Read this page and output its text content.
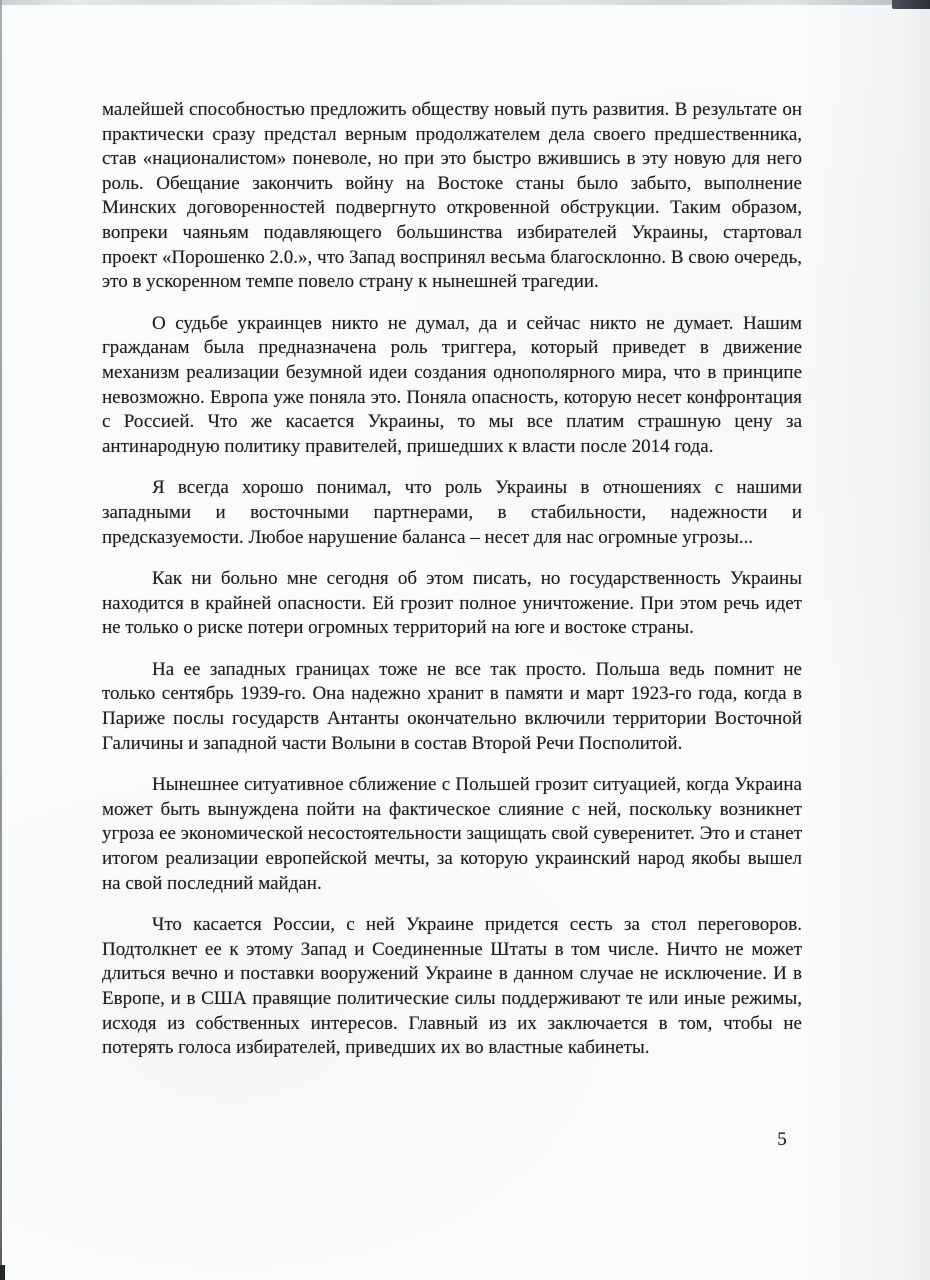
малейшей способностью предложить обществу новый путь развития. В результате он практически сразу предстал верным продолжателем дела своего предшественника, став «националистом» поневоле, но при это быстро вжившись в эту новую для него роль. Обещание закончить войну на Востоке станы было забыто, выполнение Минских договоренностей подвергнуто откровенной обструкции. Таким образом, вопреки чаяньям подавляющего большинства избирателей Украины, стартовал проект «Порошенко 2.0.», что Запад воспринял весьма благосклонно. В свою очередь, это в ускоренном темпе повело страну к нынешней трагедии.

О судьбе украинцев никто не думал, да и сейчас никто не думает. Нашим гражданам была предназначена роль триггера, который приведет в движение механизм реализации безумной идеи создания однополярного мира, что в принципе невозможно. Европа уже поняла это. Поняла опасность, которую несет конфронтация с Россией. Что же касается Украины, то мы все платим страшную цену за антинародную политику правителей, пришедших к власти после 2014 года.

Я всегда хорошо понимал, что роль Украины в отношениях с нашими западными и восточными партнерами, в стабильности, надежности и предсказуемости. Любое нарушение баланса – несет для нас огромные угрозы...

Как ни больно мне сегодня об этом писать, но государственность Украины находится в крайней опасности. Ей грозит полное уничтожение. При этом речь идет не только о риске потери огромных территорий на юге и востоке страны.

На ее западных границах тоже не все так просто. Польша ведь помнит не только сентябрь 1939-го. Она надежно хранит в памяти и март 1923-го года, когда в Париже послы государств Антанты окончательно включили территории Восточной Галичины и западной части Волыни в состав Второй Речи Посполитой.

Нынешнее ситуативное сближение с Польшей грозит ситуацией, когда Украина может быть вынуждена пойти на фактическое слияние с ней, поскольку возникнет угроза ее экономической несостоятельности защищать свой суверенитет. Это и станет итогом реализации европейской мечты, за которую украинский народ якобы вышел на свой последний майдан.

Что касается России, с ней Украине придется сесть за стол переговоров. Подтолкнет ее к этому Запад и Соединенные Штаты в том числе. Ничто не может длиться вечно и поставки вооружений Украине в данном случае не исключение. И в Европе, и в США правящие политические силы поддерживают те или иные режимы, исходя из собственных интересов. Главный из их заключается в том, чтобы не потерять голоса избирателей, приведших их во властные кабинеты.

5
